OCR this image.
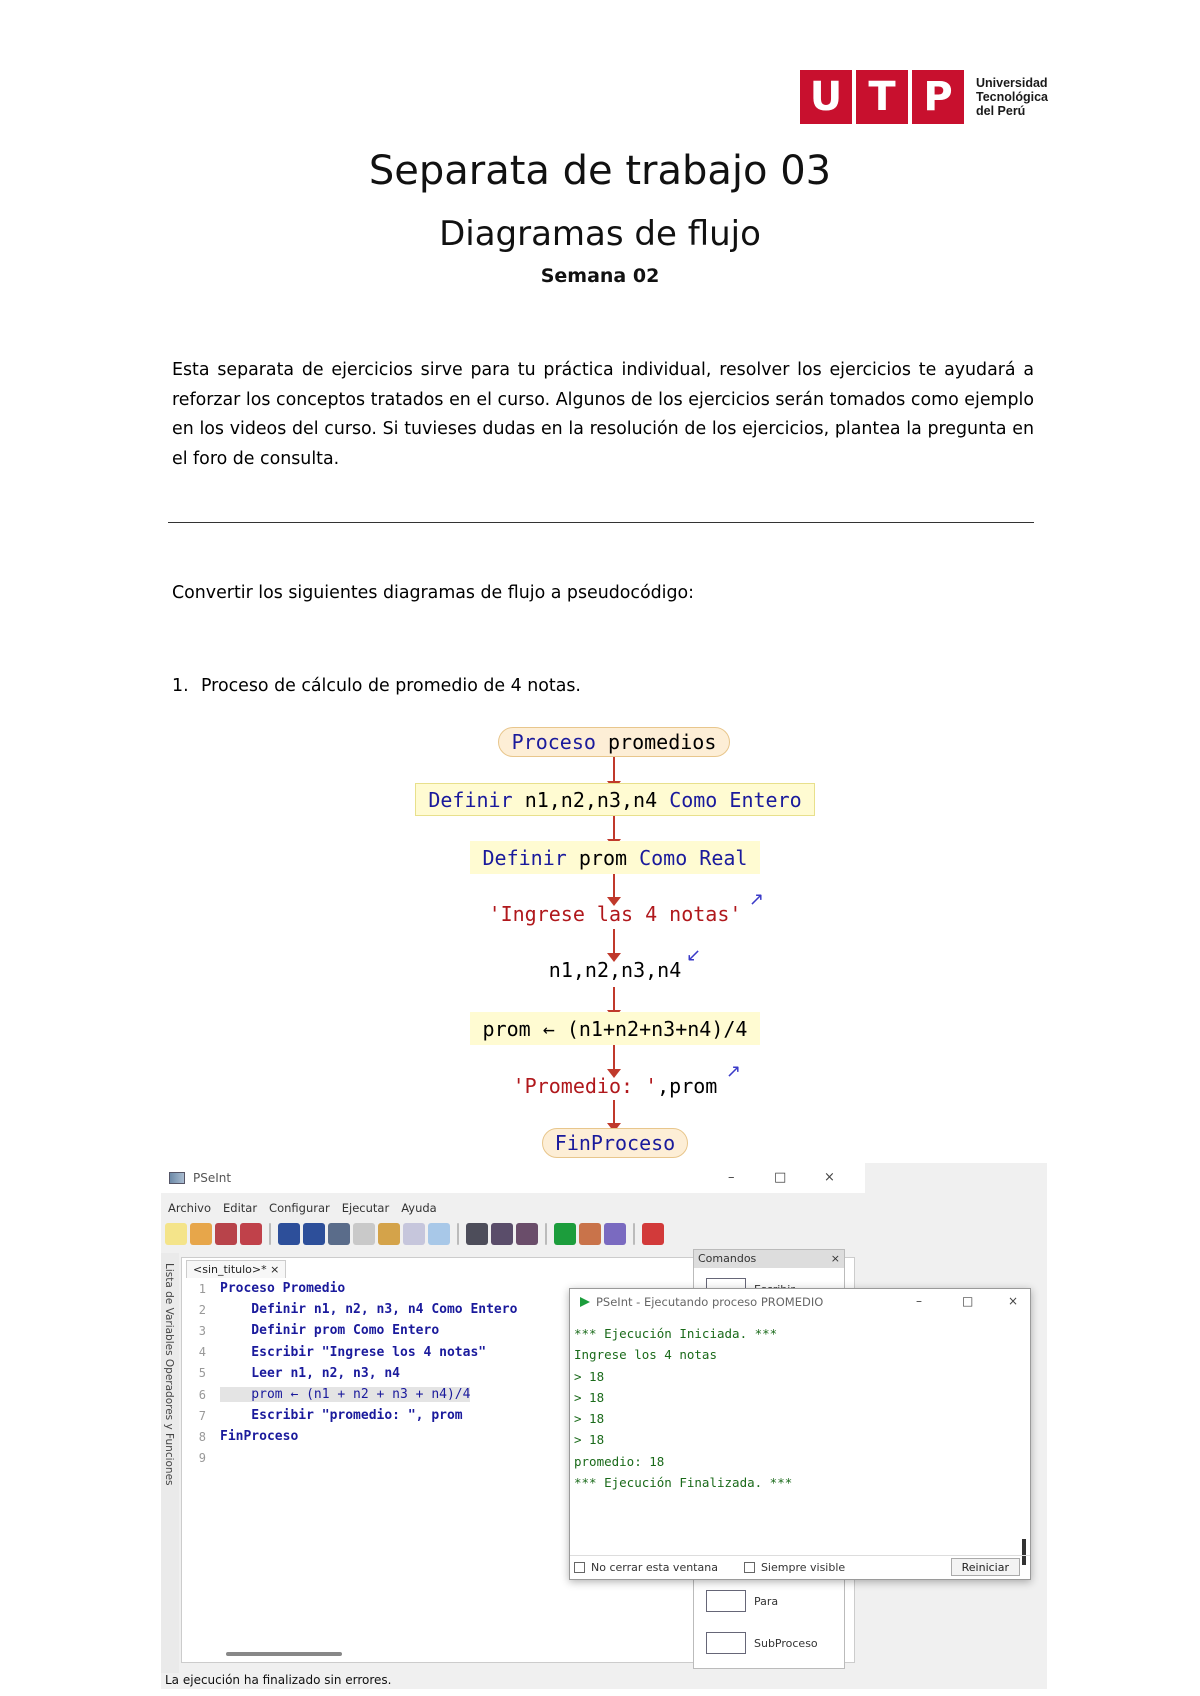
U T P	Universidad
Tecnológica
del Perú
Separata de trabajo 03
Diagramas de flujo
Semana 02

Esta separata de ejercicios sirve para tu práctica individual, resolver los ejercicios te ayudará a reforzar los conceptos tratados en el curso. Algunos de los ejercicios serán tomados como ejemplo en los videos del curso. Si tuvieses dudas en la resolución de los ejercicios, plantea la pregunta en el foro de consulta.

Convertir los siguientes diagramas de flujo a pseudocódigo:

1. Proceso de cálculo de promedio de 4 notas.

Proceso
promedios
Definir
n1,n2,n3,n4
Como
Entero
Definir
prom
Como
Real
'Ingrese las 4 notas'
↗
n1,n2,n3,n4
↙
prom ← (n1+n2+n3+n4)/4
'Promedio: ' ,prom
↗
FinProceso
PSeInt	–	□	×
Archivo Editar Configurar Ejecutar Ayuda
Lista de Variables Operadores y Funciones	<sin_titulo>* ×
1	Proceso Promedio
2	Definir n1, n2, n3, n4 Como Entero
3	Definir prom Como Entero
4	Escribir "Ingrese los 4 notas"
5	Leer n1, n2, n3, n4
6	prom ← (n1 + n2 + n3 + n4)/4
7	Escribir "promedio: ", prom
8	FinProceso
9
Comandos	×
Para
SubProceso
PSeInt - Ejecutando proceso PROMEDIO	–	□	×
*** Ejecución Iniciada. ***
Ingrese los 4 notas
> 18
> 18
> 18
> 18
promedio: 18
*** Ejecución Finalizada. ***
No cerrar esta ventana	Siempre visible	Reiniciar
La ejecución ha finalizado sin errores.
